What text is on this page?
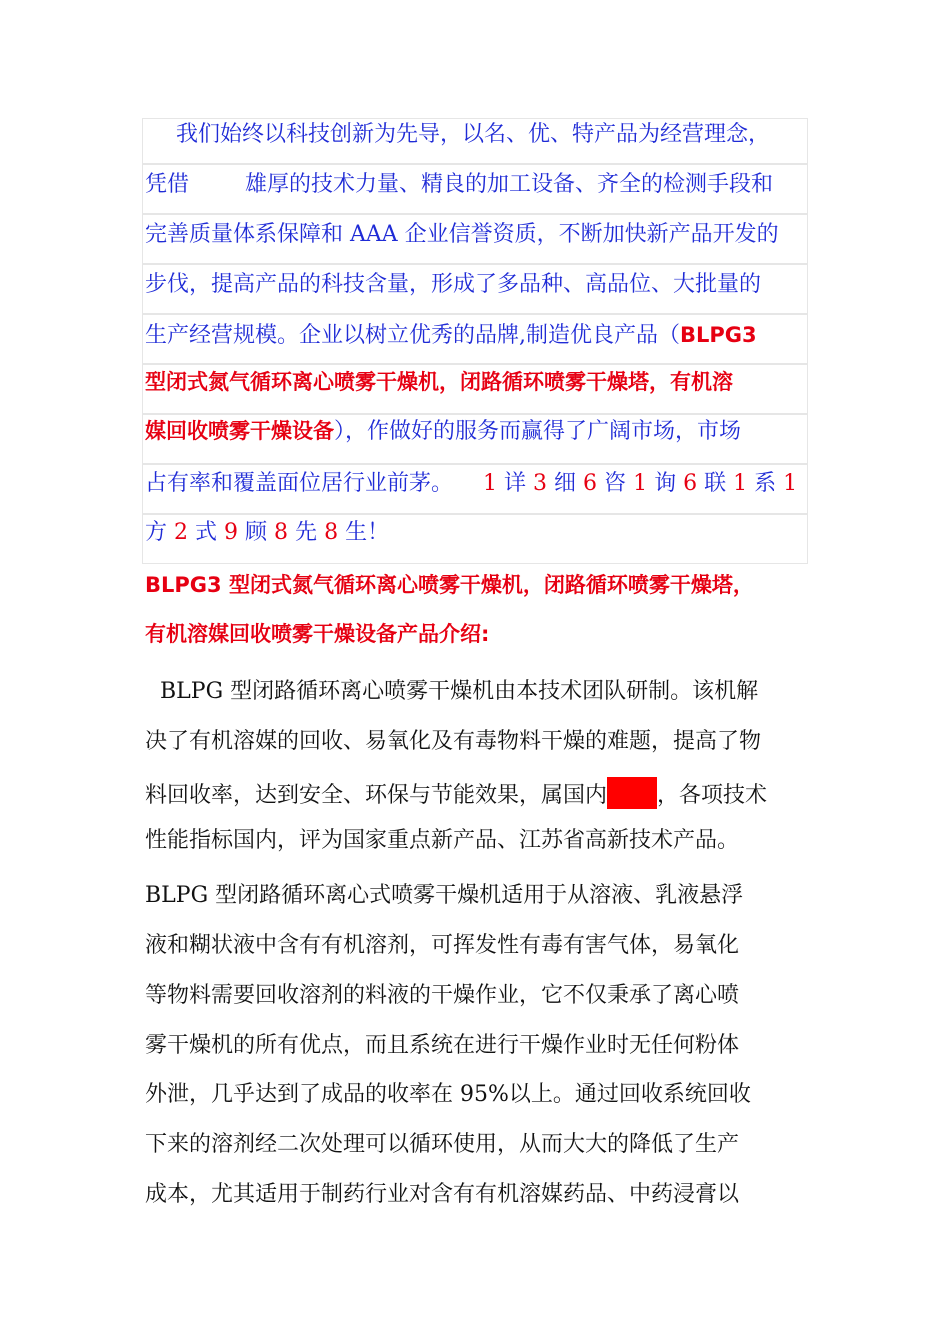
我们始终以科技创新为先导，以名、优、特产品为经营理念，
凭借        雄厚的技术力量、精良的加工设备、齐全的检测手段和
完善质量体系保障和 AAA 企业信誉资质，不断加快新产品开发的
步伐，提高产品的科技含量，形成了多品种、高品位、大批量的
生产经营规模。企业以树立优秀的品牌,制造优良产品（BLPG3
型闭式氮气循环离心喷雾干燥机，闭路循环喷雾干燥塔，有机溶
媒回收喷雾干燥设备），作做好的服务而赢得了广阔市场，市场
占有率和覆盖面位居行业前茅。 1 详 3 细 6 咨 1 询 6 联 1 系 1
方 2 式 9 顾 8 先 8 生！
BLPG3 型闭式氮气循环离心喷雾干燥机，闭路循环喷雾干燥塔，
有机溶媒回收喷雾干燥设备产品介绍:
BLPG 型闭路循环离心喷雾干燥机由本技术团队研制。该机解
决了有机溶媒的回收、易氧化及有毒物料干燥的难题，提高了物
料回收率，达到安全、环保与节能效果，属国内 ，各项技术
性能指标国内，评为国家重点新产品、江苏省高新技术产品。
BLPG 型闭路循环离心式喷雾干燥机适用于从溶液、乳液悬浮
液和糊状液中含有有机溶剂，可挥发性有毒有害气体，易氧化
等物料需要回收溶剂的料液的干燥作业，它不仅秉承了离心喷
雾干燥机的所有优点，而且系统在进行干燥作业时无任何粉体
外泄，几乎达到了成品的收率在 95%以上。通过回收系统回收
下来的溶剂经二次处理可以循环使用，从而大大的降低了生产
成本，尤其适用于制药行业对含有有机溶媒药品、中药浸膏以
